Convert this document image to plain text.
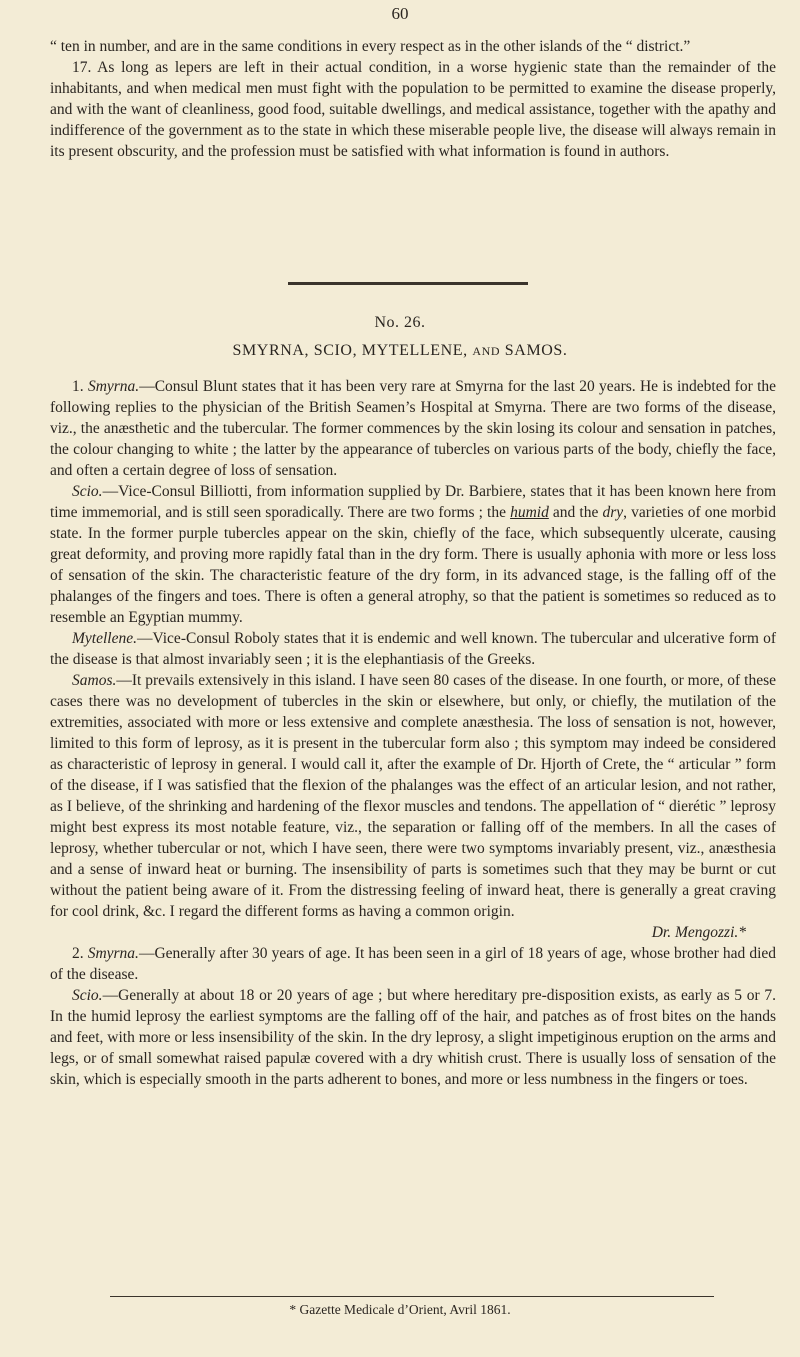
60

“ ten in number, and are in the same conditions in every respect as in the other islands of the “ district.”

17. As long as lepers are left in their actual condition, in a worse hygienic state than the remainder of the inhabitants, and when medical men must fight with the population to be permitted to examine the disease properly, and with the want of cleanliness, good food, suitable dwellings, and medical assistance, together with the apathy and indifference of the government as to the state in which these miserable people live, the disease will always remain in its present obscurity, and the profession must be satisfied with what information is found in authors.

No. 26.
SMYRNA, SCIO, MYTELLENE, AND SAMOS.

1. Smyrna.—Consul Blunt states that it has been very rare at Smyrna for the last 20 years. He is indebted for the following replies to the physician of the British Seamen’s Hospital at Smyrna. There are two forms of the disease, viz., the anæsthetic and the tubercular. The former commences by the skin losing its colour and sensation in patches, the colour changing to white ; the latter by the appearance of tubercles on various parts of the body, chiefly the face, and often a certain degree of loss of sensation.

Scio.—Vice-Consul Billiotti, from information supplied by Dr. Barbiere, states that it has been known here from time immemorial, and is still seen sporadically. There are two forms ; the humid and the dry, varieties of one morbid state. In the former purple tubercles appear on the skin, chiefly of the face, which subsequently ulcerate, causing great deformity, and proving more rapidly fatal than in the dry form. There is usually aphonia with more or less loss of sensation of the skin. The characteristic feature of the dry form, in its advanced stage, is the falling off of the phalanges of the fingers and toes. There is often a general atrophy, so that the patient is sometimes so reduced as to resemble an Egyptian mummy.

Mytellene.—Vice-Consul Roboly states that it is endemic and well known. The tubercular and ulcerative form of the disease is that almost invariably seen ; it is the elephantiasis of the Greeks.

Samos.—It prevails extensively in this island. I have seen 80 cases of the disease. In one fourth, or more, of these cases there was no development of tubercles in the skin or elsewhere, but only, or chiefly, the mutilation of the extremities, associated with more or less extensive and complete anæsthesia. The loss of sensation is not, however, limited to this form of leprosy, as it is present in the tubercular form also ; this symptom may indeed be considered as characteristic of leprosy in general. I would call it, after the example of Dr. Hjorth of Crete, the “ articular ” form of the disease, if I was satisfied that the flexion of the phalanges was the effect of an articular lesion, and not rather, as I believe, of the shrinking and hardening of the flexor muscles and tendons. The appellation of “ dierétic ” leprosy might best express its most notable feature, viz., the separation or falling off of the members. In all the cases of leprosy, whether tubercular or not, which I have seen, there were two symptoms invariably present, viz., anæsthesia and a sense of inward heat or burning. The insensibility of parts is sometimes such that they may be burnt or cut without the patient being aware of it. From the distressing feeling of inward heat, there is generally a great craving for cool drink, &c. I regard the different forms as having a common origin.

Dr. Mengozzi.*

2. Smyrna.—Generally after 30 years of age. It has been seen in a girl of 18 years of age, whose brother had died of the disease.

Scio.—Generally at about 18 or 20 years of age ; but where hereditary pre-disposition exists, as early as 5 or 7. In the humid leprosy the earliest symptoms are the falling off of the hair, and patches as of frost bites on the hands and feet, with more or less insensibility of the skin. In the dry leprosy, a slight impetiginous eruption on the arms and legs, or of small somewhat raised papulæ covered with a dry whitish crust. There is usually loss of sensation of the skin, which is especially smooth in the parts adherent to bones, and more or less numbness in the fingers or toes.

* Gazette Medicale d’Orient, Avril 1861.
